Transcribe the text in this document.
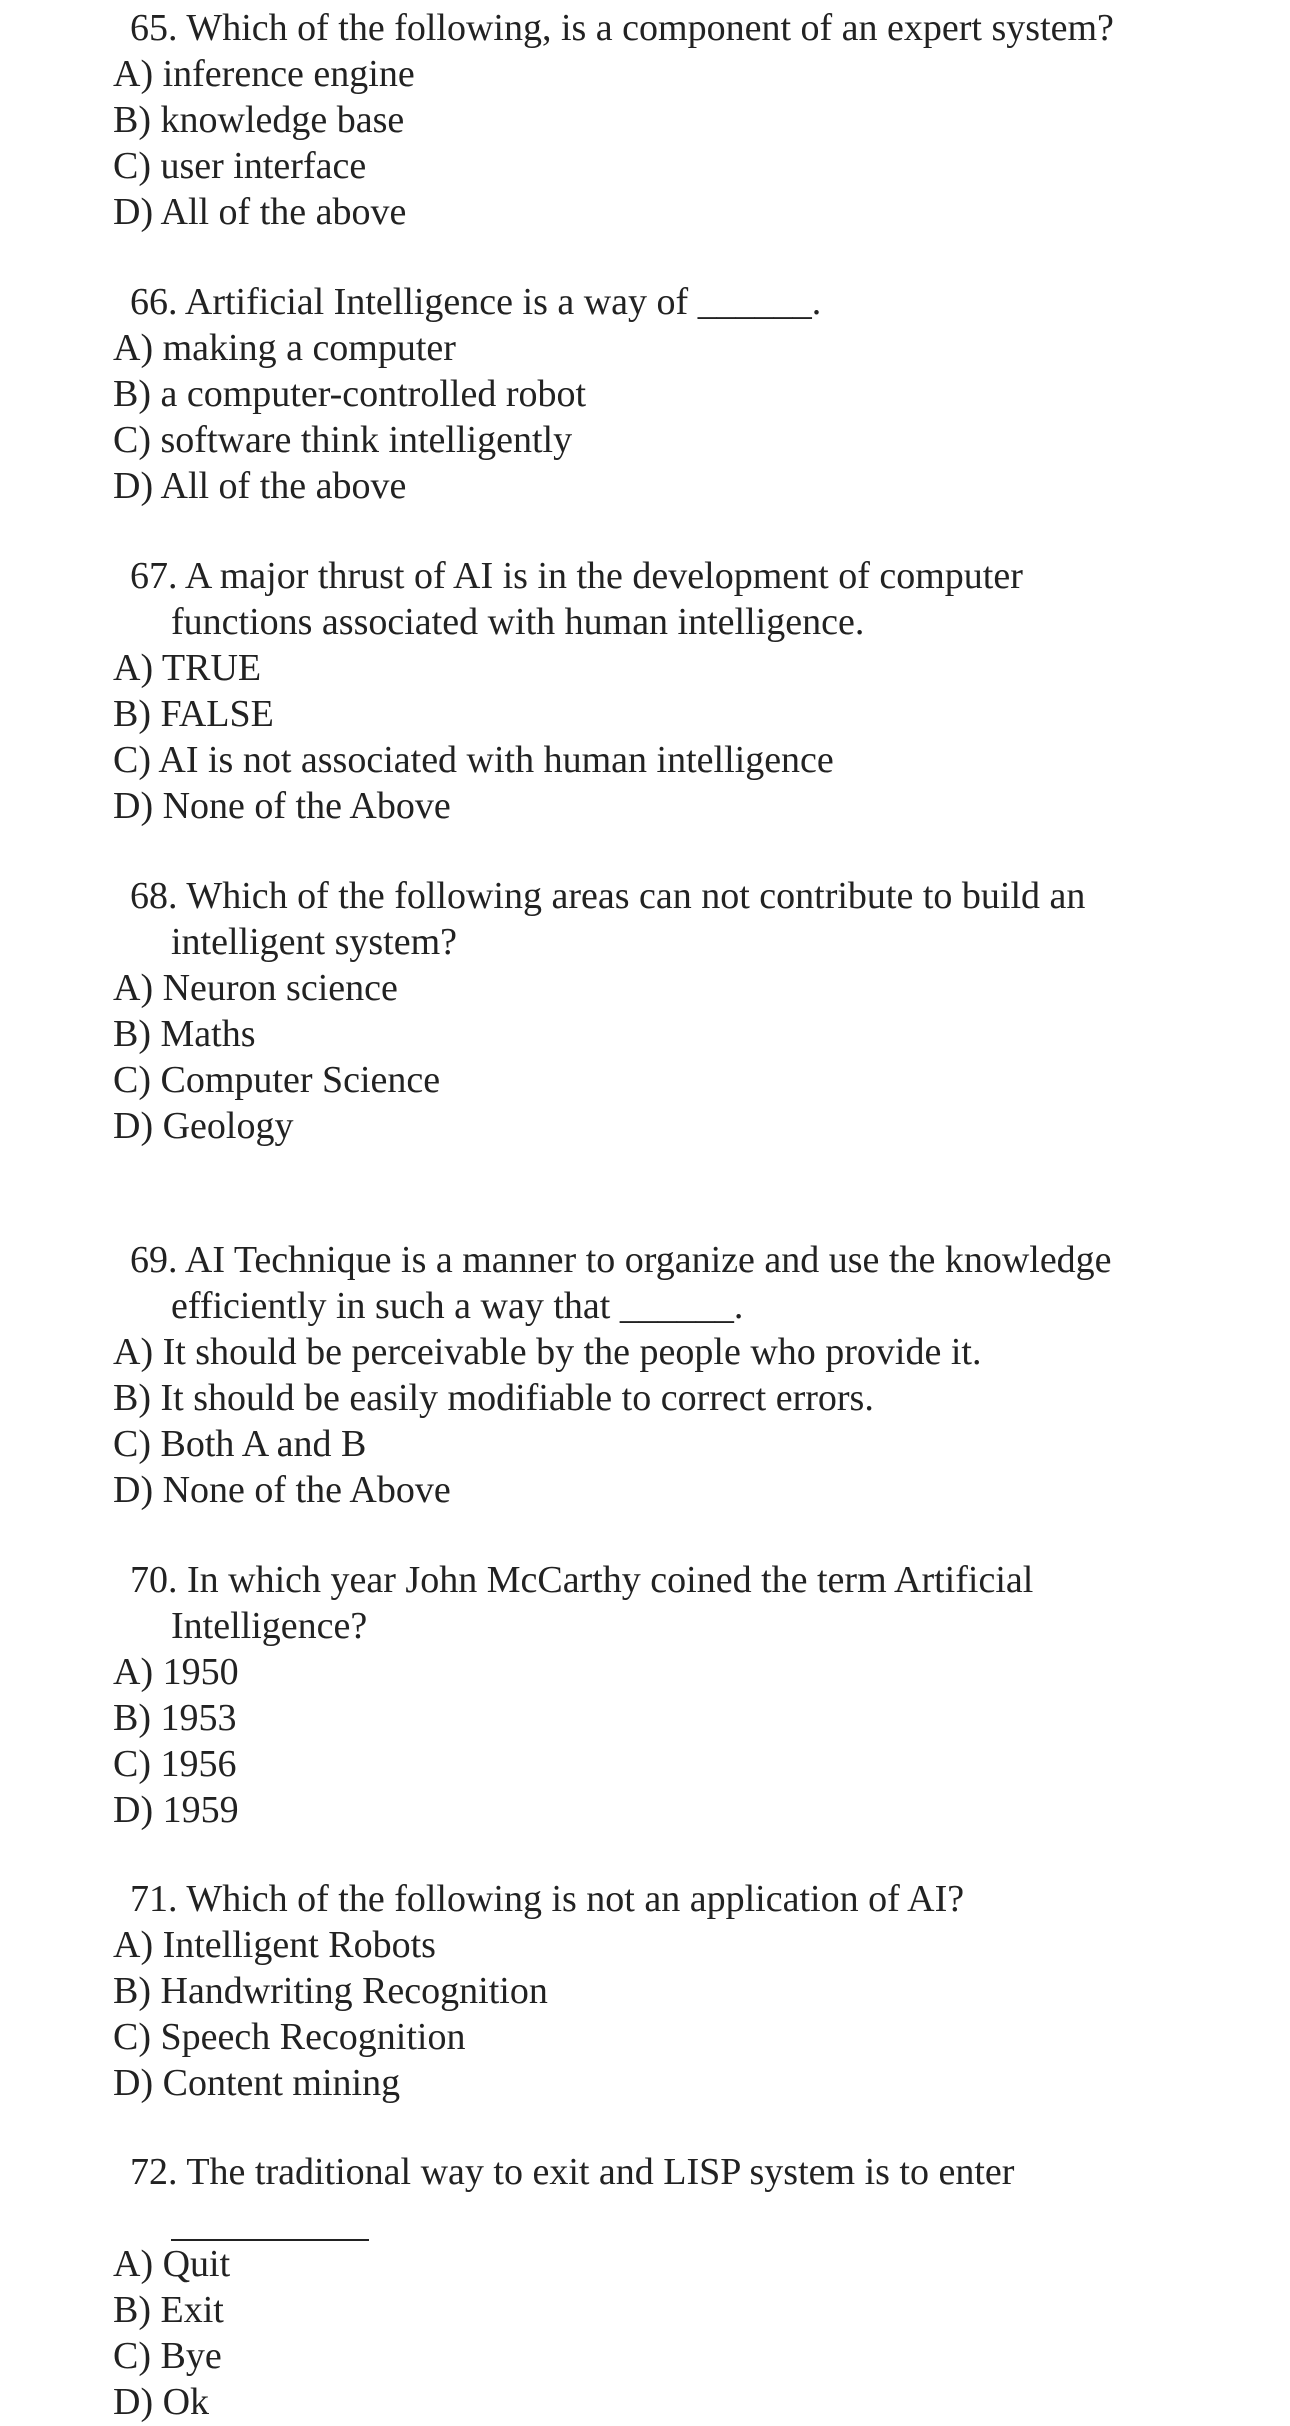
65. Which of the following, is a component of an expert system?

A) inference engine
B) knowledge base
C) user interface
D) All of the above

66. Artificial Intelligence is a way of ______.

A) making a computer
B) a computer-controlled robot
C) software think intelligently
D) All of the above

67. A major thrust of AI is in the development of computer
functions associated with human intelligence.

A) TRUE
B) FALSE
C) AI is not associated with human intelligence
D) None of the Above

68. Which of the following areas can not contribute to build an
intelligent system?

A) Neuron science
B) Maths
C) Computer Science
D) Geology

69. AI Technique is a manner to organize and use the knowledge
efficiently in such a way that ______.

A) It should be perceivable by the people who provide it.
B) It should be easily modifiable to correct errors.
C) Both A and B
D) None of the Above

70. In which year John McCarthy coined the term Artificial
Intelligence?

A) 1950
B) 1953
C) 1956
D) 1959

71. Which of the following is not an application of AI?

A) Intelligent Robots
B) Handwriting Recognition
C) Speech Recognition
D) Content mining

72. The traditional way to exit and LISP system is to enter

A) Quit
B) Exit
C) Bye
D) Ok
